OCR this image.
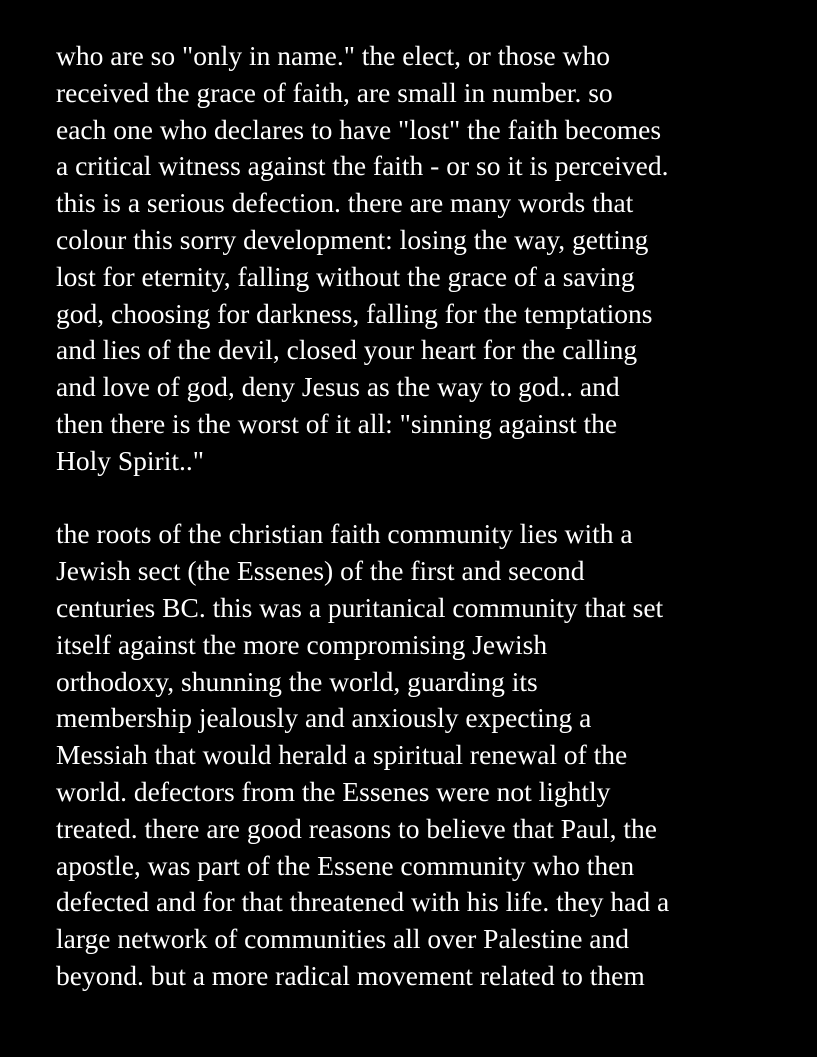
who are so "only in name." the elect, or those who
received the grace of faith, are small in number. so
each one who declares to have "lost" the faith becomes
a critical witness against the faith - or so it is perceived.
this is a serious defection. there are many words that
colour this sorry development: losing the way, getting
lost for eternity, falling without the grace of a saving
god, choosing for darkness, falling for the temptations
and lies of the devil, closed your heart for the calling
and love of god, deny Jesus as the way to god.. and
then there is the worst of it all: "sinning against the
Holy Spirit.."
the roots of the christian faith community lies with a
Jewish sect (the Essenes) of the first and second
centuries BC. this was a puritanical community that set
itself against the more compromising Jewish
orthodoxy, shunning the world, guarding its
membership jealously and anxiously expecting a
Messiah that would herald a spiritual renewal of the
world. defectors from the Essenes were not lightly
treated. there are good reasons to believe that Paul, the
apostle, was part of the Essene community who then
defected and for that threatened with his life. they had a
large network of communities all over Palestine and
beyond. but a more radical movement related to them
